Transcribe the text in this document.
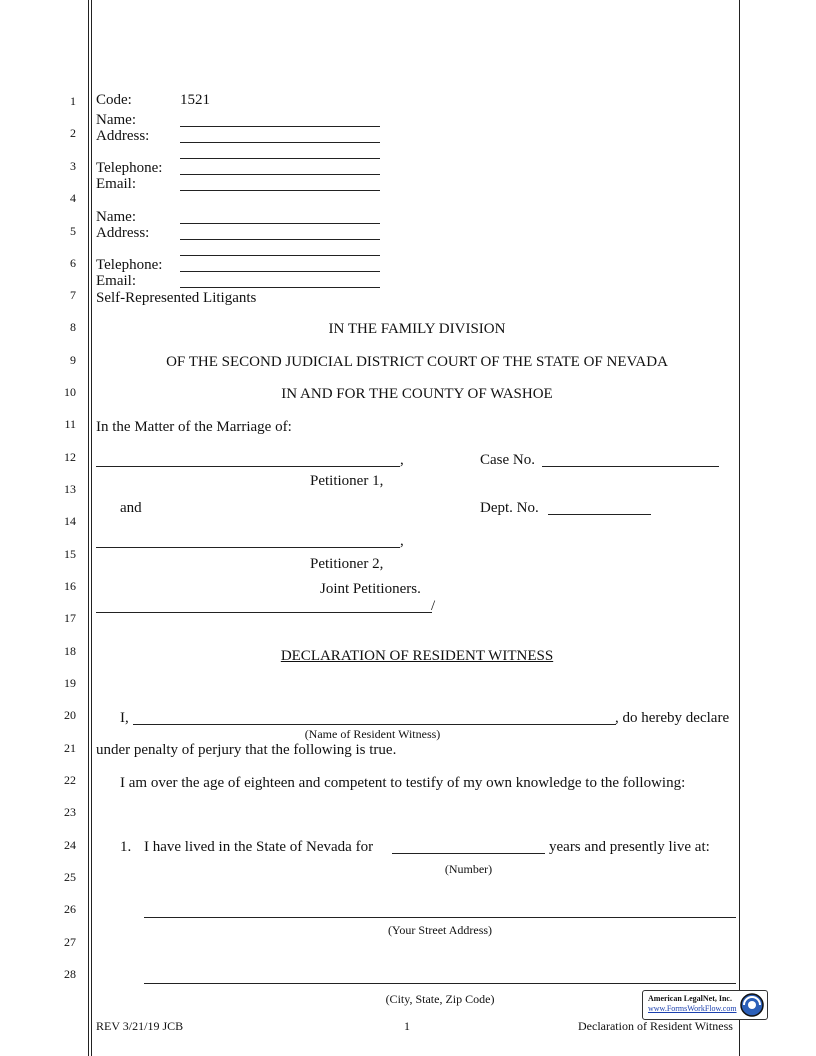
1
2
3
4
5
6
7
8
9
10
11
12
13
14
15
16
17
18
19
20
21
22
23
24
25
26
27
28
Code:	1521
Name:
Address:
Telephone:
Email:
Name:
Address:
Telephone:
Email:
Self-Represented Litigants
IN THE FAMILY DIVISION
OF THE SECOND JUDICIAL DISTRICT COURT OF THE STATE OF NEVADA
IN AND FOR THE COUNTY OF WASHOE
In the Matter of the Marriage of:
,	Case No.
Petitioner 1,
and	Dept. No.
,
Petitioner 2,
Joint Petitioners.
/
DECLARATION OF RESIDENT WITNESS
I,	, do hereby declare
(Name of Resident Witness)
under penalty of perjury that the following is true.
I am over the age of eighteen and competent to testify of my own knowledge to the following:
1. I have lived in the State of Nevada for	years and presently live at:
(Number)
(Your Street Address)
(City, State, Zip Code)	American LegalNet, Inc.
www.FormsWorkFlow.com
REV 3/21/19 JCB	1	Declaration of Resident Witness
